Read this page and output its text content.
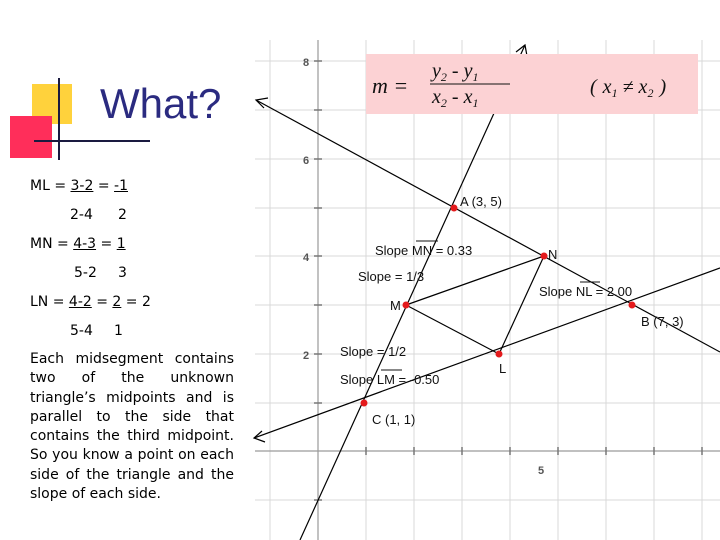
What?
ML = 3-2 = -1
2-4 2
MN = 4-3 = 1
5-2 3
LN = 4-2 = 2 = 2
5-4 1
Each midsegment contains two of the unknown triangle’s midpoints and is parallel to the side that contains the third midpoint. So you know a point on each side of the triangle and the slope of each side.
8
6
4
2
5
A (3, 5)
B (7, 3)
C (1, 1)
N
M
L
Slope MN = 0.33
Slope = 1/3
Slope NL = 2.00
Slope = 1/2
Slope LM = -0.50
m =
$y_2 - y_1$
$x_2 - x_1$
( $x_1 \ne x_2$ )
